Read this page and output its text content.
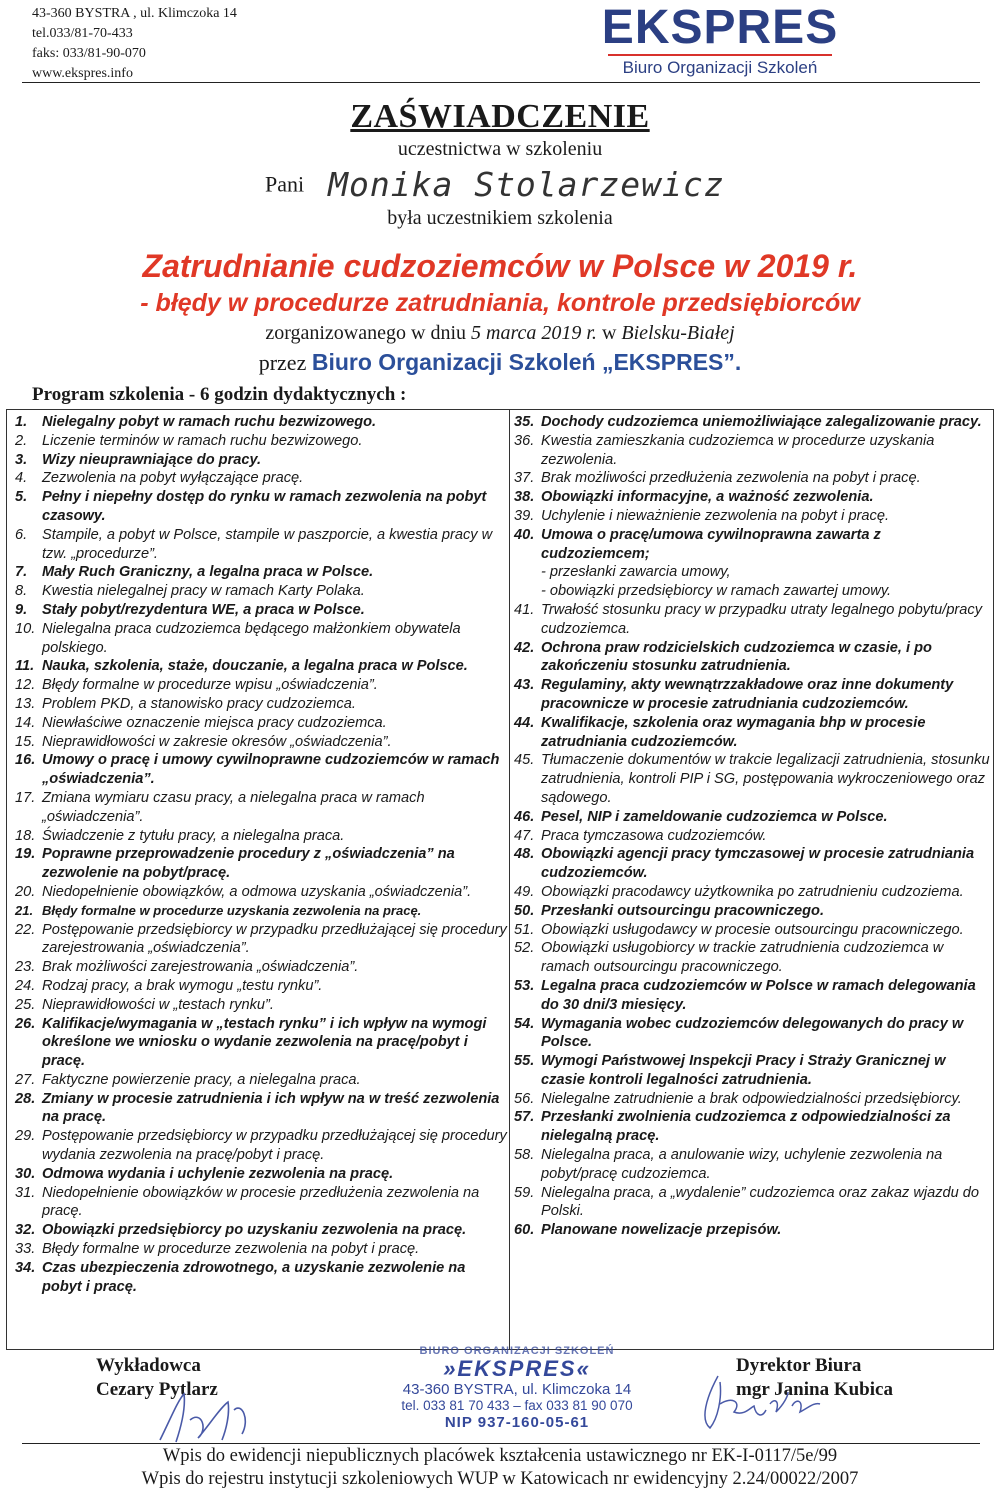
43-360 BYSTRA , ul. Klimczoka 14
tel.033/81-70-433
faks: 033/81-90-070
www.ekspres.info
EKSPRES
Biuro Organizacji Szkoleń
ZAŚWIADCZENIE
uczestnictwa w szkoleniu
Pani Monika Stolarzewicz
była uczestnikiem szkolenia
Zatrudnianie cudzoziemców w Polsce w 2019 r.
- błędy w procedurze zatrudniania, kontrole przedsiębiorców
zorganizowanego w dniu 5 marca 2019 r. w Bielsku-Białej
przez Biuro Organizacji Szkoleń „EKSPRES”.
Program szkolenia - 6 godzin dydaktycznych :
1.	Nielegalny pobyt w ramach ruchu bezwizowego.
2.	Liczenie terminów w ramach ruchu bezwizowego.
3.	Wizy nieuprawniające do pracy.
4.	Zezwolenia na pobyt wyłączające pracę.
5.	Pełny i niepełny dostęp do rynku w ramach zezwolenia na pobyt czasowy.
6.	Stampile, a pobyt w Polsce, stampile w paszporcie, a kwestia pracy w tzw. „procedurze”.
7.	Mały Ruch Graniczny, a legalna praca w Polsce.
8.	Kwestia nielegalnej pracy w ramach Karty Polaka.
9.	Stały pobyt/rezydentura WE, a praca w Polsce.
10. Nielegalna praca cudzoziemca będącego małżonkiem obywatela polskiego.
11. Nauka, szkolenia, staże, douczanie, a legalna praca w Polsce.
12. Błędy formalne w procedurze wpisu „oświadczenia”.
13. Problem PKD, a stanowisko pracy cudzoziemca.
14. Niewłaściwe oznaczenie miejsca pracy cudzoziemca.
15. Nieprawidłowości w zakresie okresów „oświadczenia”.
16. Umowy o pracę i umowy cywilnoprawne cudzoziemców w ramach „oświadczenia”.
17. Zmiana wymiaru czasu pracy, a nielegalna praca w ramach „oświadczenia”.
18. Świadczenie z tytułu pracy, a nielegalna praca.
19. Poprawne przeprowadzenie procedury z „oświadczenia” na zezwolenie na pobyt/pracę.
20. Niedopełnienie obowiązków, a odmowa uzyskania „oświadczenia”.
21. Błędy formalne w procedurze uzyskania zezwolenia na pracę.
22. Postępowanie przedsiębiorcy w przypadku przedłużającej się procedury zarejestrowania „oświadczenia”.
23. Brak możliwości zarejestrowania „oświadczenia”.
24. Rodzaj pracy, a brak wymogu „testu rynku”.
25. Nieprawidłowości w „testach rynku”.
26. Kalifikacje/wymagania w „testach rynku” i ich wpływ na wymogi określone we wniosku o wydanie zezwolenia na pracę/pobyt i pracę.
27. Faktyczne powierzenie pracy, a nielegalna praca.
28. Zmiany w procesie zatrudnienia i ich wpływ na w treść zezwolenia na pracę.
29. Postępowanie przedsiębiorcy w przypadku przedłużającej się procedury wydania zezwolenia na pracę/pobyt i pracę.
30. Odmowa wydania i uchylenie zezwolenia na pracę.
31. Niedopełnienie obowiązków w procesie przedłużenia zezwolenia na pracę.
32. Obowiązki przedsiębiorcy po uzyskaniu zezwolenia na pracę.
33. Błędy formalne w procedurze zezwolenia na pobyt i pracę.
34. Czas ubezpieczenia zdrowotnego, a uzyskanie zezwolenie na pobyt i pracę.
35. Dochody cudzoziemca uniemożliwiające zalegalizowanie pracy.
36. Kwestia zamieszkania cudzoziemca w procedurze uzyskania zezwolenia.
37. Brak możliwości przedłużenia zezwolenia na pobyt i pracę.
38. Obowiązki informacyjne, a ważność zezwolenia.
39. Uchylenie i nieważnienie zezwolenia na pobyt i pracę.
40. Umowa o pracę/umowa cywilnoprawna zawarta z cudzoziemcem;
- przesłanki zawarcia umowy,
- obowiązki przedsiębiorcy w ramach zawartej umowy.
41. Trwałość stosunku pracy w przypadku utraty legalnego pobytu/pracy cudzoziemca.
42. Ochrona praw rodzicielskich cudzoziemca w czasie, i po zakończeniu stosunku zatrudnienia.
43. Regulaminy, akty wewnątrzzakładowe oraz inne dokumenty pracownicze w procesie zatrudniania cudzoziemców.
44. Kwalifikacje, szkolenia oraz wymagania bhp w procesie zatrudniania cudzoziemców.
45. Tłumaczenie dokumentów w trakcie legalizacji zatrudnienia, stosunku zatrudnienia, kontroli PIP i SG, postępowania wykroczeniowego oraz sądowego.
46. Pesel, NIP i zameldowanie cudzoziemca w Polsce.
47. Praca tymczasowa cudzoziemców.
48. Obowiązki agencji pracy tymczasowej w procesie zatrudniania cudzoziemców.
49. Obowiązki pracodawcy użytkownika po zatrudnieniu cudzoziema.
50. Przesłanki outsourcingu pracowniczego.
51. Obowiązki usługodawcy w procesie outsourcingu pracowniczego.
52. Obowiązki usługobiorcy w trackie zatrudnienia cudzoziemca w ramach outsourcingu pracowniczego.
53. Legalna praca cudzoziemców w Polsce w ramach delegowania do 30 dni/3 miesięcy.
54. Wymagania wobec cudzoziemców delegowanych do pracy w Polsce.
55. Wymogi Państwowej Inspekcji Pracy i Straży Granicznej w czasie kontroli legalności zatrudnienia.
56. Nielegalne zatrudnienie a brak odpowiedzialności przedsiębiorcy.
57. Przesłanki zwolnienia cudzoziemca z odpowiedzialności za nielegalną pracę.
58. Nielegalna praca, a anulowanie wizy, uchylenie zezwolenia na pobyt/pracę cudzoziemca.
59. Nielegalna praca, a „wydalenie” cudzoziemca oraz zakaz wjazdu do Polski.
60. Planowane nowelizacje przepisów.
Wykładowca
Cezary Pytlarz
Dyrektor Biura
mgr Janina Kubica
BIURO ORGANIZACJI SZKOLEŃ
»EKSPRES«
43-360 BYSTRA, ul. Klimczoka 14
tel. 033 81 70 433 – fax 033 81 90 070
NIP 937-160-05-61
Wpis do ewidencji niepublicznych placówek kształcenia ustawicznego nr EK-I-0117/5e/99
Wpis do rejestru instytucji szkoleniowych WUP w Katowicach nr ewidencyjny 2.24/00022/2007
